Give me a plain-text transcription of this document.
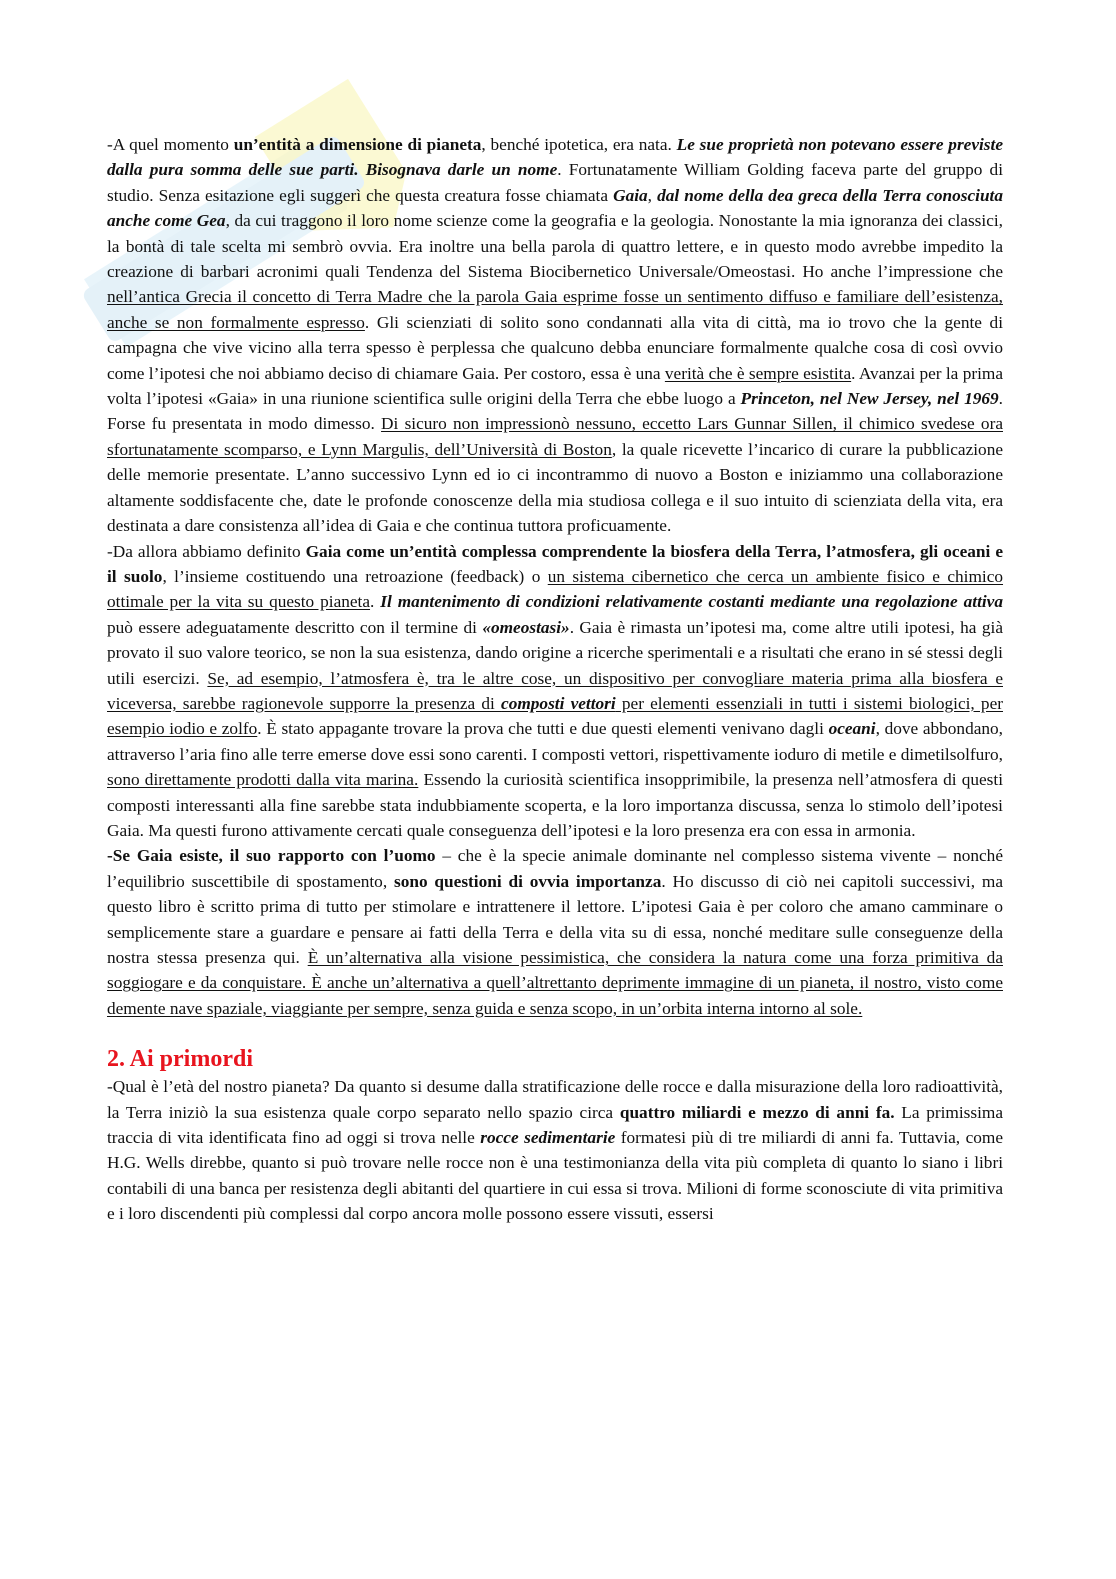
-A quel momento un’entità a dimensione di pianeta, benché ipotetica, era nata. Le sue proprietà non potevano essere previste dalla pura somma delle sue parti. Bisognava darle un nome. Fortunatamente William Golding faceva parte del gruppo di studio. Senza esitazione egli suggerì che questa creatura fosse chiamata Gaia, dal nome della dea greca della Terra conosciuta anche come Gea, da cui traggono il loro nome scienze come la geografia e la geologia. Nonostante la mia ignoranza dei classici, la bontà di tale scelta mi sembrò ovvia. Era inoltre una bella parola di quattro lettere, e in questo modo avrebbe impedito la creazione di barbari acronimi quali Tendenza del Sistema Biocibernetico Universale/Omeostasi. Ho anche l’impressione che nell’antica Grecia il concetto di Terra Madre che la parola Gaia esprime fosse un sentimento diffuso e familiare dell’esistenza, anche se non formalmente espresso. Gli scienziati di solito sono condannati alla vita di città, ma io trovo che la gente di campagna che vive vicino alla terra spesso è perplessa che qualcuno debba enunciare formalmente qualche cosa di così ovvio come l’ipotesi che noi abbiamo deciso di chiamare Gaia. Per costoro, essa è una verità che è sempre esistita. Avanzai per la prima volta l’ipotesi «Gaia» in una riunione scientifica sulle origini della Terra che ebbe luogo a Princeton, nel New Jersey, nel 1969. Forse fu presentata in modo dimesso. Di sicuro non impressionò nessuno, eccetto Lars Gunnar Sillen, il chimico svedese ora sfortunatamente scomparso, e Lynn Margulis, dell’Università di Boston, la quale ricevette l’incarico di curare la pubblicazione delle memorie presentate. L’anno successivo Lynn ed io ci incontrammo di nuovo a Boston e iniziammo una collaborazione altamente soddisfacente che, date le profonde conoscenze della mia studiosa collega e il suo intuito di scienziata della vita, era destinata a dare consistenza all’idea di Gaia e che continua tuttora proficuamente.

-Da allora abbiamo definito Gaia come un’entità complessa comprendente la biosfera della Terra, l’atmosfera, gli oceani e il suolo, l’insieme costituendo una retroazione (feedback) o un sistema cibernetico che cerca un ambiente fisico e chimico ottimale per la vita su questo pianeta. Il mantenimento di condizioni relativamente costanti mediante una regolazione attiva può essere adeguatamente descritto con il termine di «omeostasi». Gaia è rimasta un’ipotesi ma, come altre utili ipotesi, ha già provato il suo valore teorico, se non la sua esistenza, dando origine a ricerche sperimentali e a risultati che erano in sé stessi degli utili esercizi. Se, ad esempio, l’atmosfera è, tra le altre cose, un dispositivo per convogliare materia prima alla biosfera e viceversa, sarebbe ragionevole supporre la presenza di composti vettori per elementi essenziali in tutti i sistemi biologici, per esempio iodio e zolfo. È stato appagante trovare la prova che tutti e due questi elementi venivano dagli oceani, dove abbondano, attraverso l’aria fino alle terre emerse dove essi sono carenti. I composti vettori, rispettivamente ioduro di metile e dimetilsolfuro, sono direttamente prodotti dalla vita marina. Essendo la curiosità scientifica insopprimibile, la presenza nell’atmosfera di questi composti interessanti alla fine sarebbe stata indubbiamente scoperta, e la loro importanza discussa, senza lo stimolo dell’ipotesi Gaia. Ma questi furono attivamente cercati quale conseguenza dell’ipotesi e la loro presenza era con essa in armonia.

-Se Gaia esiste, il suo rapporto con l’uomo – che è la specie animale dominante nel complesso sistema vivente – nonché l’equilibrio suscettibile di spostamento, sono questioni di ovvia importanza. Ho discusso di ciò nei capitoli successivi, ma questo libro è scritto prima di tutto per stimolare e intrattenere il lettore. L’ipotesi Gaia è per coloro che amano camminare o semplicemente stare a guardare e pensare ai fatti della Terra e della vita su di essa, nonché meditare sulle conseguenze della nostra stessa presenza qui. È un’alternativa alla visione pessimistica, che considera la natura come una forza primitiva da soggiogare e da conquistare. È anche un’alternativa a quell’altrettanto deprimente immagine di un pianeta, il nostro, visto come demente nave spaziale, viaggiante per sempre, senza guida e senza scopo, in un’orbita interna intorno al sole.

2. Ai primordi

-Qual è l’età del nostro pianeta? Da quanto si desume dalla stratificazione delle rocce e dalla misurazione della loro radioattività, la Terra iniziò la sua esistenza quale corpo separato nello spazio circa quattro miliardi e mezzo di anni fa. La primissima traccia di vita identificata fino ad oggi si trova nelle rocce sedimentarie formatesi più di tre miliardi di anni fa. Tuttavia, come H.G. Wells direbbe, quanto si può trovare nelle rocce non è una testimonianza della vita più completa di quanto lo siano i libri contabili di una banca per resistenza degli abitanti del quartiere in cui essa si trova. Milioni di forme sconosciute di vita primitiva e i loro discendenti più complessi dal corpo ancora molle possono essere vissuti, essersi
